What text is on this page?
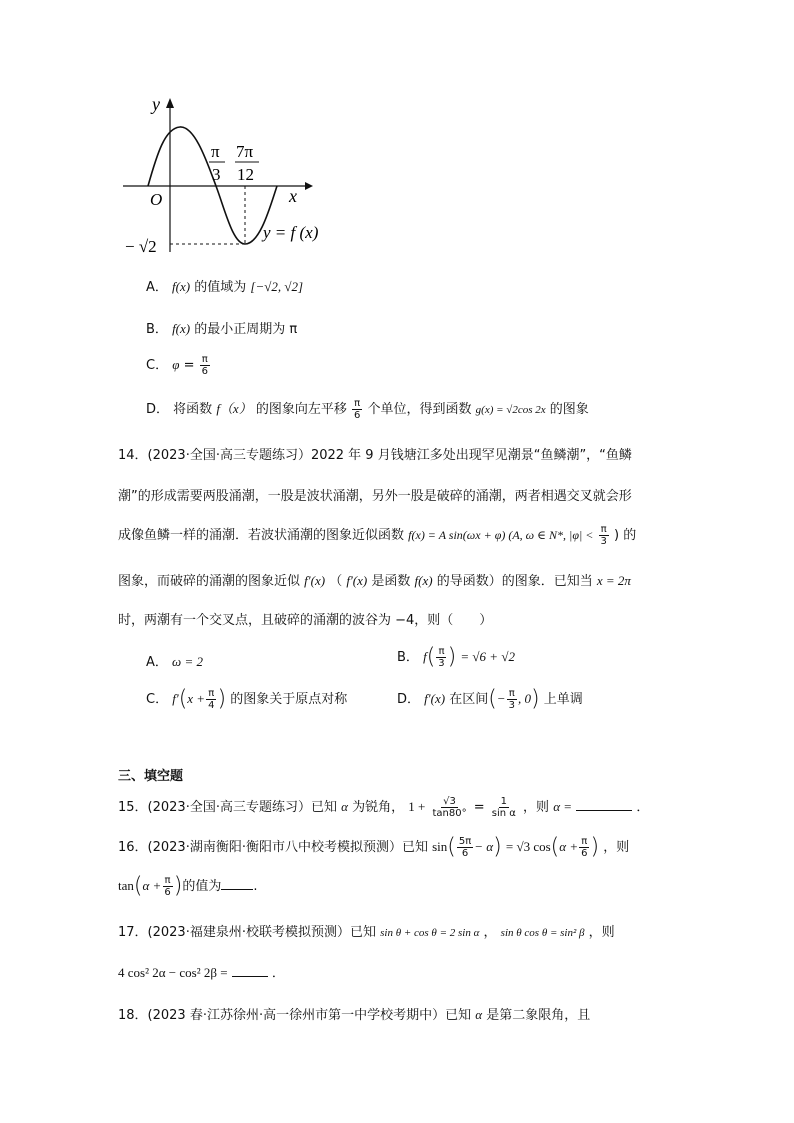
y
x
O
π
3
7π
12
− √2
y = f (x)
A． f(x) 的值域为 [−√2, √2]
B． f(x) 的最小正周期为 π
C． $\varphi = \frac{\pi}{6}$
D． 将函数 f（x） 的图象向左平移 $\frac{\pi}{6}$ 个单位，得到函数 g(x) = √2cos 2x 的图象
14．(2023·全国·高三专题练习）2022 年 9 月钱塘江多处出现罕见潮景“鱼鳞潮”，“鱼鳞
潮”的形成需要两股涌潮，一股是波状涌潮，另外一股是破碎的涌潮，两者相遇交叉就会形
成像鱼鳞一样的涌潮．若波状涌潮的图象近似函数 f(x) = A sin(ωx + φ) (A, ω ∈ N*, $|\varphi| < \frac{\pi}{3}$ ) 的
图象，而破碎的涌潮的图象近似 f′(x) （ f′(x) 是函数 f(x) 的导函数）的图象．已知当 x = 2π
时，两潮有一个交叉点，且破碎的涌潮的波谷为 −4，则（　　）
A． ω = 2	B． $f( \frac{\pi}{3}$ ) = √6 + √2
C． $f'(x + \frac{\pi}{4}$ ) 的图象关于原点对称	D． f′(x) 在区间(− $\frac{\pi}{3}$ , 0) 上单调
三、填空题
15．(2023·全国·高三专题练习）已知 α 为锐角， $1 + \frac{√3}{\tan 80^\circ} = \frac{1}{\text{sin α}}$ ，则 α =	．
16．(2023·湖南衡阳·衡阳市八中校考模拟预测）已知 $\sin( \frac{5\pi}{6} - \alpha) = √3$ $\cos(\alpha + \frac{\pi}{6}$ ) ，则
$\tan(\alpha + \frac{\pi}{6}$ )的值为 .
17．(2023·福建泉州·校联考模拟预测）已知 sin θ + cos θ = 2 sin α ， sin θ cos θ = sin² β ，则
4 cos² 2α − cos² 2β =	．
18．(2023 春·江苏徐州·高一徐州市第一中学校考期中）已知 α 是第二象限角，且
